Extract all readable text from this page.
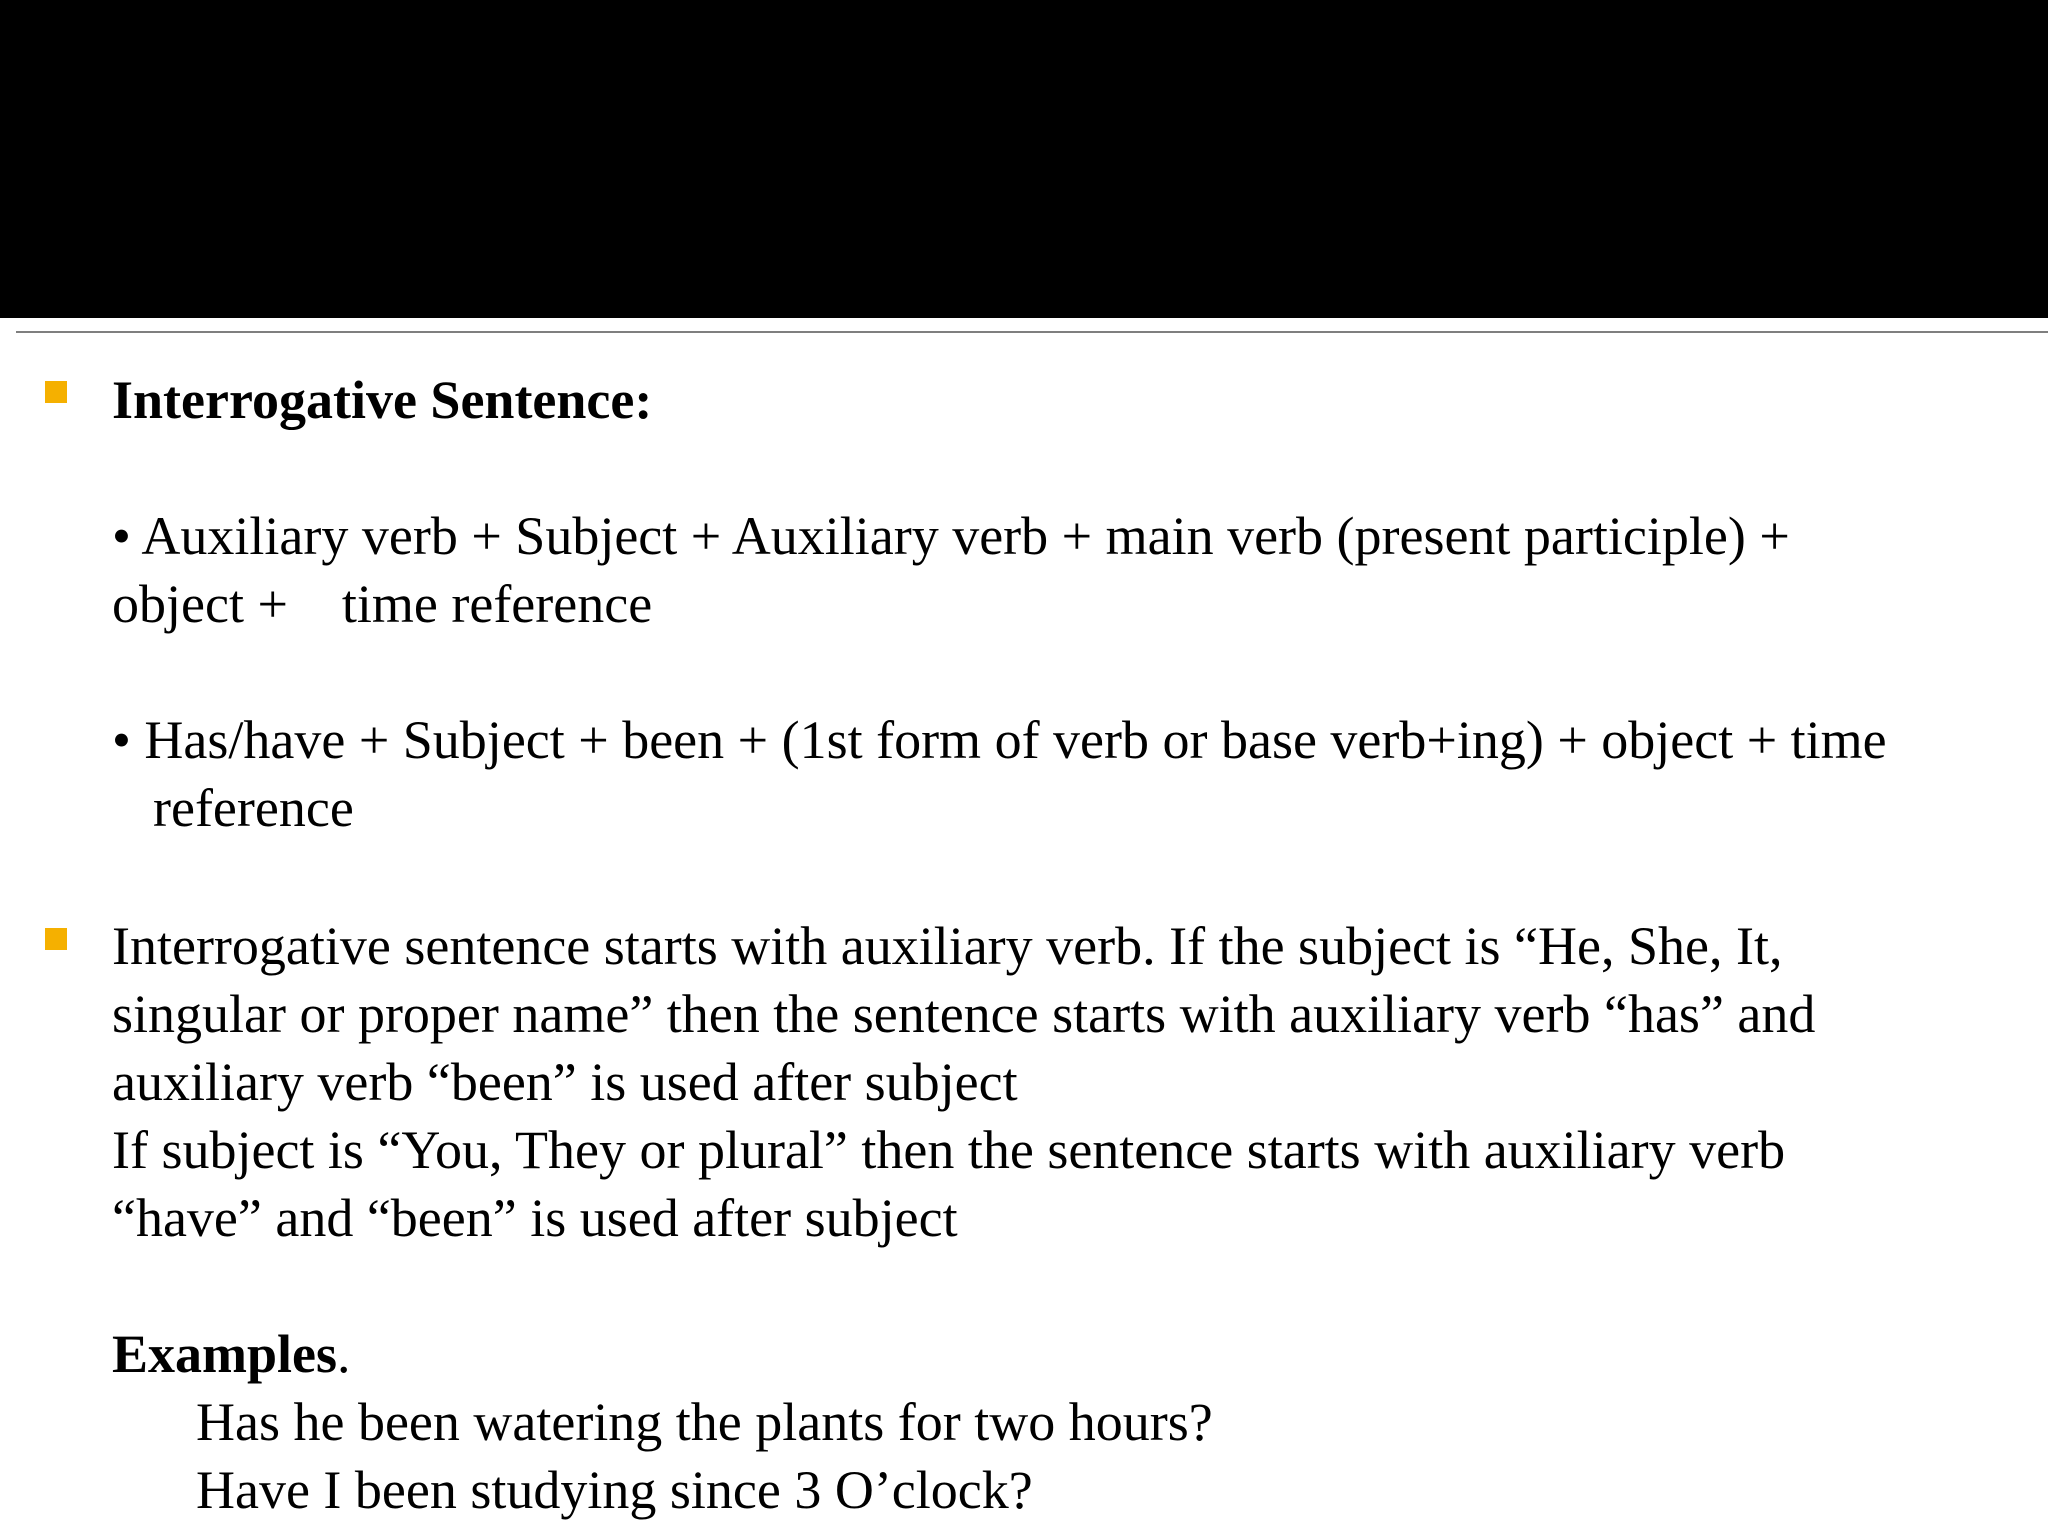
Interrogative Sentence:
• Auxiliary verb + Subject + Auxiliary verb + main verb (present participle) +
object +    time reference
• Has/have + Subject + been + (1st form of verb or base verb+ing) + object + time
reference
Interrogative sentence starts with auxiliary verb. If the subject is “He, She, It,
singular or proper name” then the sentence starts with auxiliary verb “has” and
auxiliary verb “been” is used after subject
If subject is “You, They or plural” then the sentence starts with auxiliary verb
“have” and “been” is used after subject
Examples.
Has he been watering the plants for two hours?
Have I been studying since 3 O’clock?
